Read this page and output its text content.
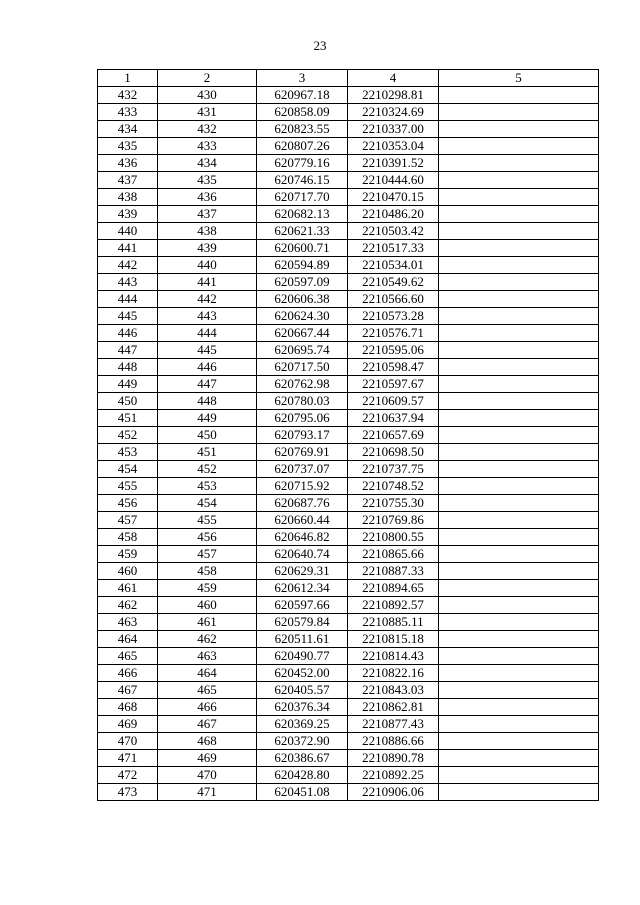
23
1	2	3	4	5
432	430	620967.18	2210298.81	
433	431	620858.09	2210324.69	
434	432	620823.55	2210337.00	
435	433	620807.26	2210353.04	
436	434	620779.16	2210391.52	
437	435	620746.15	2210444.60	
438	436	620717.70	2210470.15	
439	437	620682.13	2210486.20	
440	438	620621.33	2210503.42	
441	439	620600.71	2210517.33	
442	440	620594.89	2210534.01	
443	441	620597.09	2210549.62	
444	442	620606.38	2210566.60	
445	443	620624.30	2210573.28	
446	444	620667.44	2210576.71	
447	445	620695.74	2210595.06	
448	446	620717.50	2210598.47	
449	447	620762.98	2210597.67	
450	448	620780.03	2210609.57	
451	449	620795.06	2210637.94	
452	450	620793.17	2210657.69	
453	451	620769.91	2210698.50	
454	452	620737.07	2210737.75	
455	453	620715.92	2210748.52	
456	454	620687.76	2210755.30	
457	455	620660.44	2210769.86	
458	456	620646.82	2210800.55	
459	457	620640.74	2210865.66	
460	458	620629.31	2210887.33	
461	459	620612.34	2210894.65	
462	460	620597.66	2210892.57	
463	461	620579.84	2210885.11	
464	462	620511.61	2210815.18	
465	463	620490.77	2210814.43	
466	464	620452.00	2210822.16	
467	465	620405.57	2210843.03	
468	466	620376.34	2210862.81	
469	467	620369.25	2210877.43	
470	468	620372.90	2210886.66	
471	469	620386.67	2210890.78	
472	470	620428.80	2210892.25	
473	471	620451.08	2210906.06	
